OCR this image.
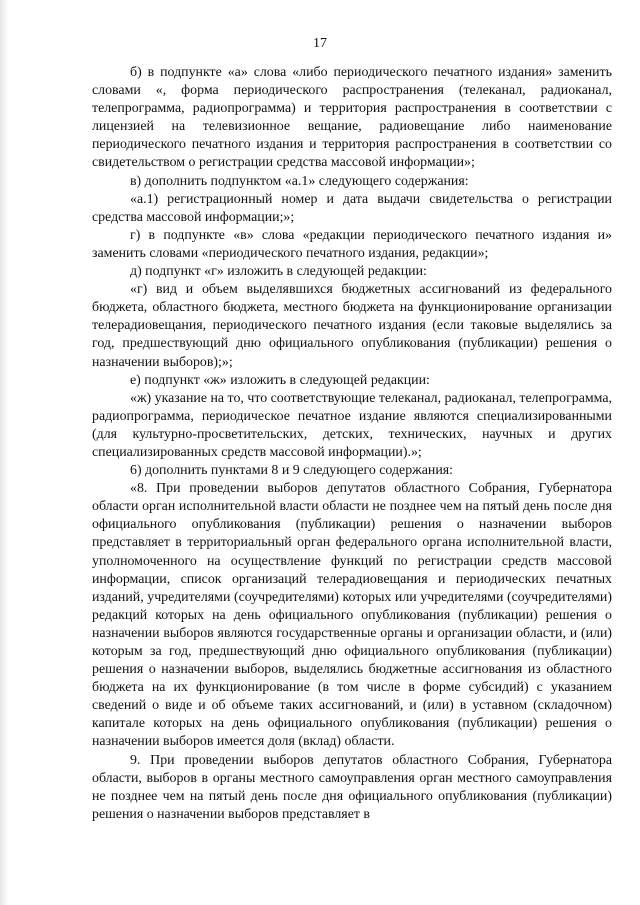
17

б) в подпункте «а» слова «либо периодического печатного издания» заменить словами «, форма периодического распространения (телеканал, радиоканал, телепрограмма, радиопрограмма) и территория распространения в соответствии с лицензией на телевизионное вещание, радиовещание либо наименование периодического печатного издания и территория распространения в соответствии со свидетельством о регистрации средства массовой информации»;

в) дополнить подпунктом «а.1» следующего содержания:

«а.1) регистрационный номер и дата выдачи свидетельства о регистрации средства массовой информации;»;

г) в подпункте «в» слова «редакции периодического печатного издания и» заменить словами «периодического печатного издания, редакции»;

д) подпункт «г» изложить в следующей редакции:

«г) вид и объем выделявшихся бюджетных ассигнований из федерального бюджета, областного бюджета, местного бюджета на функционирование организации телерадиовещания, периодического печатного издания (если таковые выделялись за год, предшествующий дню официального опубликования (публикации) решения о назначении выборов);»;

е) подпункт «ж» изложить в следующей редакции:

«ж) указание на то, что соответствующие телеканал, радиоканал, телепрограмма, радиопрограмма, периодическое печатное издание являются специализированными (для культурно-просветительских, детских, технических, научных и других специализированных средств массовой информации).»;

6) дополнить пунктами 8 и 9 следующего содержания:

«8. При проведении выборов депутатов областного Собрания, Губернатора области орган исполнительной власти области не позднее чем на пятый день после дня официального опубликования (публикации) решения о назначении выборов представляет в территориальный орган федерального органа исполнительной власти, уполномоченного на осуществление функций по регистрации средств массовой информации, список организаций телерадиовещания и периодических печатных изданий, учредителями (соучредителями) которых или учредителями (соучредителями) редакций которых на день официального опубликования (публикации) решения о назначении выборов являются государственные органы и организации области, и (или) которым за год, предшествующий дню официального опубликования (публикации) решения о назначении выборов, выделялись бюджетные ассигнования из областного бюджета на их функционирование (в том числе в форме субсидий) с указанием сведений о виде и об объеме таких ассигнований, и (или) в уставном (складочном) капитале которых на день официального опубликования (публикации) решения о назначении выборов имеется доля (вклад) области.

9. При проведении выборов депутатов областного Собрания, Губернатора области, выборов в органы местного самоуправления орган местного самоуправления не позднее чем на пятый день после дня официального опубликования (публикации) решения о назначении выборов представляет в
